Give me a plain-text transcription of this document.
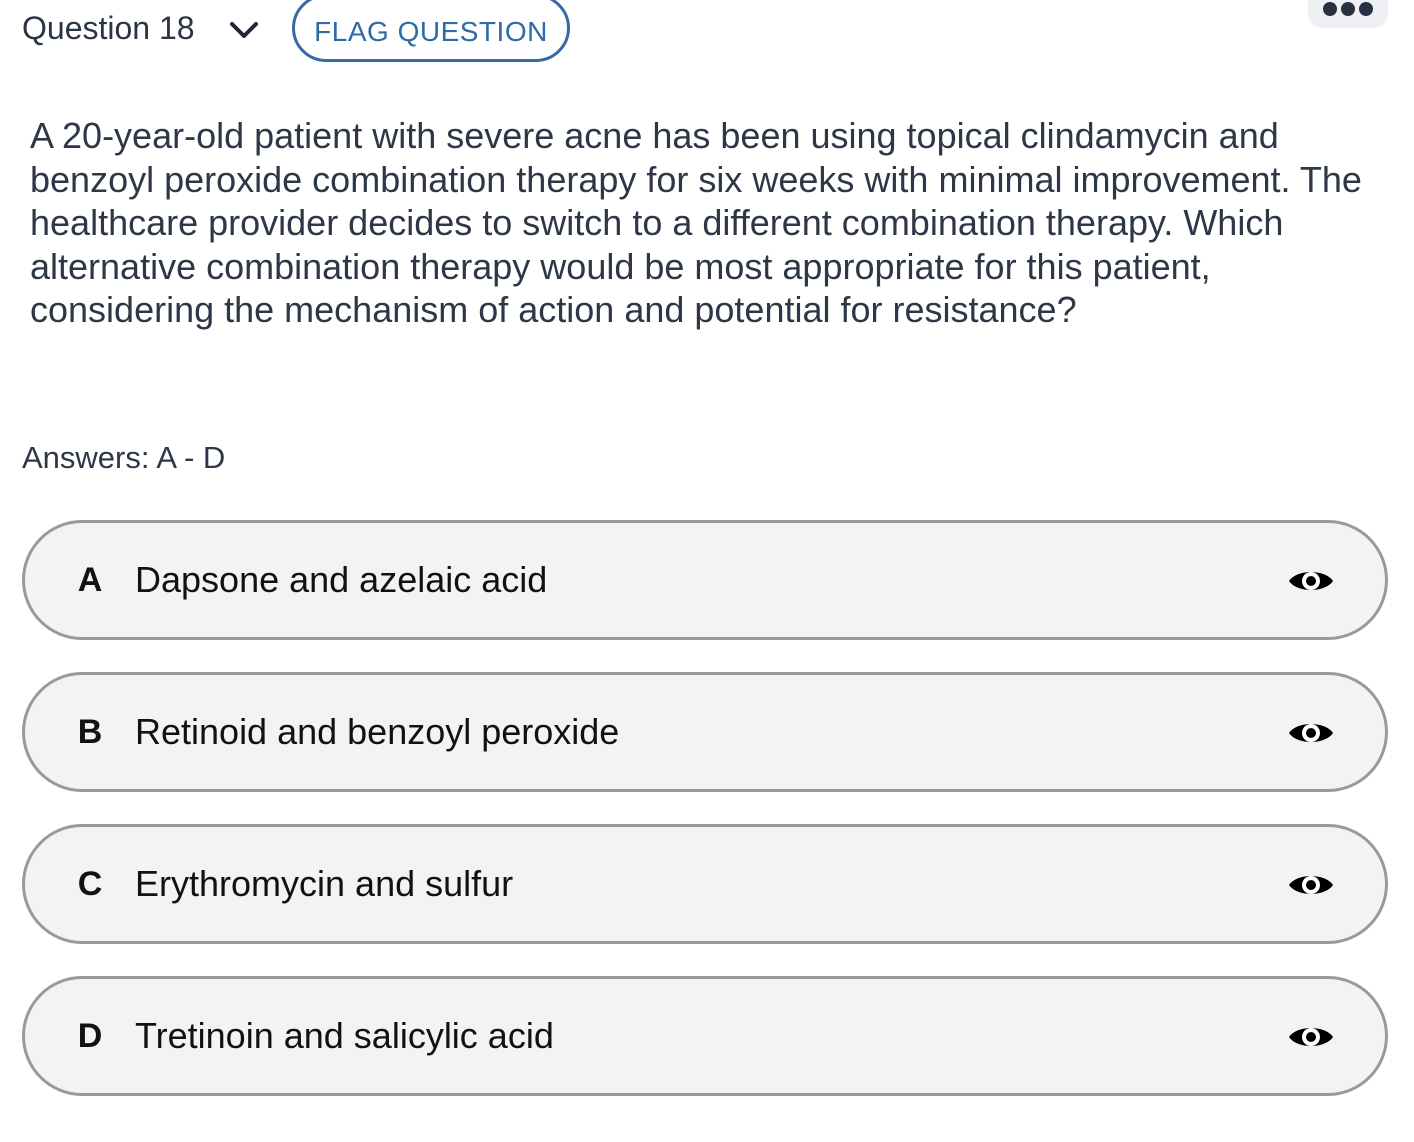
Question 18	FLAG QUESTION
A 20-year-old patient with severe acne has been using topical clindamycin and benzoyl peroxide combination therapy for six weeks with minimal improvement. The healthcare provider decides to switch to a different combination therapy. Which alternative combination therapy would be most appropriate for this patient, considering the mechanism of action and potential for resistance?
Answers: A - D
A Dapsone and azelaic acid
B Retinoid and benzoyl peroxide
C Erythromycin and sulfur
D Tretinoin and salicylic acid
